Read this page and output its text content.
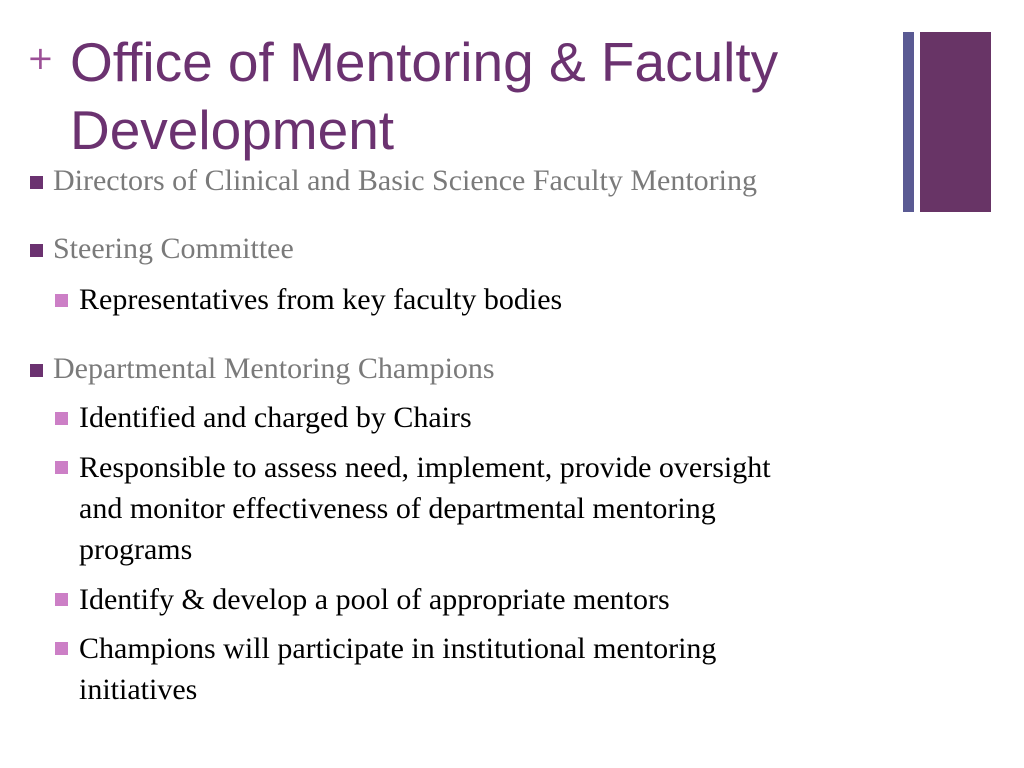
+ Office of Mentoring & Faculty
Development
Directors of Clinical and Basic Science Faculty Mentoring
Steering Committee
Representatives from key faculty bodies
Departmental Mentoring Champions
Identified and charged by Chairs
Responsible to assess need, implement, provide oversight
and monitor effectiveness of departmental mentoring
programs
Identify & develop a pool of appropriate mentors
Champions will participate in institutional mentoring
initiatives
